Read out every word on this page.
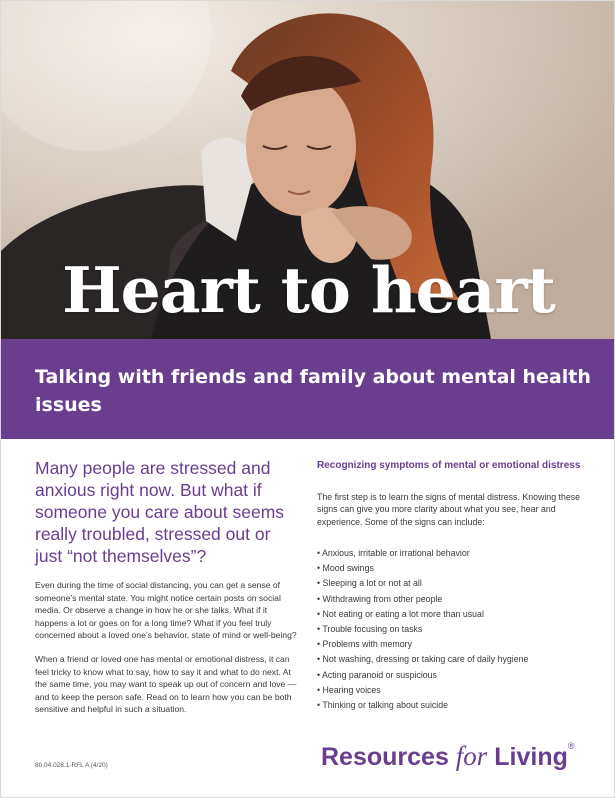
Heart to heart
Talking with friends and family about mental health issues
Many people are stressed and anxious right now. But what if someone you care about seems really troubled, stressed out or just “not themselves”?

Even during the time of social distancing, you can get a sense of someone’s mental state. You might notice certain posts on social media. Or observe a change in how he or she talks. What if it happens a lot or goes on for a long time? What if you feel truly concerned about a loved one’s behavior, state of mind or well-being?

When a friend or loved one has mental or emotional distress, it can feel tricky to know what to say, how to say it and what to do next. At the same time, you may want to speak up out of concern and love — and to keep the person safe. Read on to learn how you can be both sensitive and helpful in such a situation.

Recognizing symptoms of mental or emotional distress

The first step is to learn the signs of mental distress. Knowing these signs can give you more clarity about what you see, hear and experience. Some of the signs can include:

• Anxious, irritable or irrational behavior
• Mood swings
• Sleeping a lot or not at all
• Withdrawing from other people
• Not eating or eating a lot more than usual
• Trouble focusing on tasks
• Problems with memory
• Not washing, dressing or taking care of daily hygiene
• Acting paranoid or suspicious
• Hearing voices
• Thinking or talking about suicide
80.04.028.1-RFL A (4/20)	Resources for Living®
